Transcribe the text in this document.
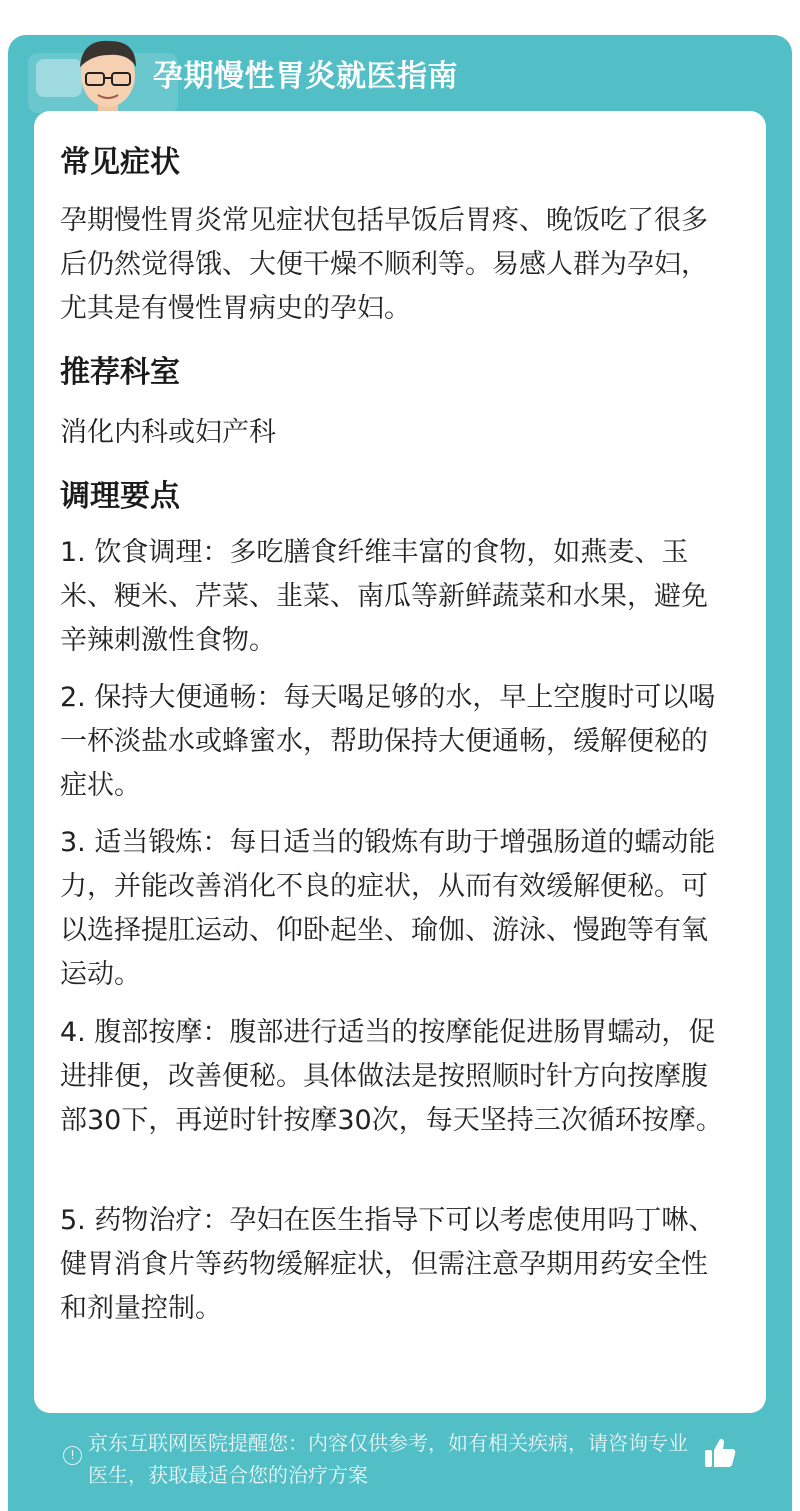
孕期慢性胃炎就医指南
常见症状
孕期慢性胃炎常见症状包括早饭后胃疼、晚饭吃了很多后仍然觉得饿、大便干燥不顺利等。易感人群为孕妇，尤其是有慢性胃病史的孕妇。
推荐科室
消化内科或妇产科
调理要点
1. 饮食调理：多吃膳食纤维丰富的食物，如燕麦、玉米、粳米、芹菜、韭菜、南瓜等新鲜蔬菜和水果，避免辛辣刺激性食物。
2. 保持大便通畅：每天喝足够的水，早上空腹时可以喝一杯淡盐水或蜂蜜水，帮助保持大便通畅，缓解便秘的症状。
3. 适当锻炼：每日适当的锻炼有助于增强肠道的蠕动能力，并能改善消化不良的症状，从而有效缓解便秘。可以选择提肛运动、仰卧起坐、瑜伽、游泳、慢跑等有氧运动。
4. 腹部按摩：腹部进行适当的按摩能促进肠胃蠕动，促进排便，改善便秘。具体做法是按照顺时针方向按摩腹部30下，再逆时针按摩30次，每天坚持三次循环按摩。
5. 药物治疗：孕妇在医生指导下可以考虑使用吗丁啉、健胃消食片等药物缓解症状，但需注意孕期用药安全性和剂量控制。
! 京东互联网医院提醒您：内容仅供参考，如有相关疾病，请咨询专业医生，获取最适合您的治疗方案
